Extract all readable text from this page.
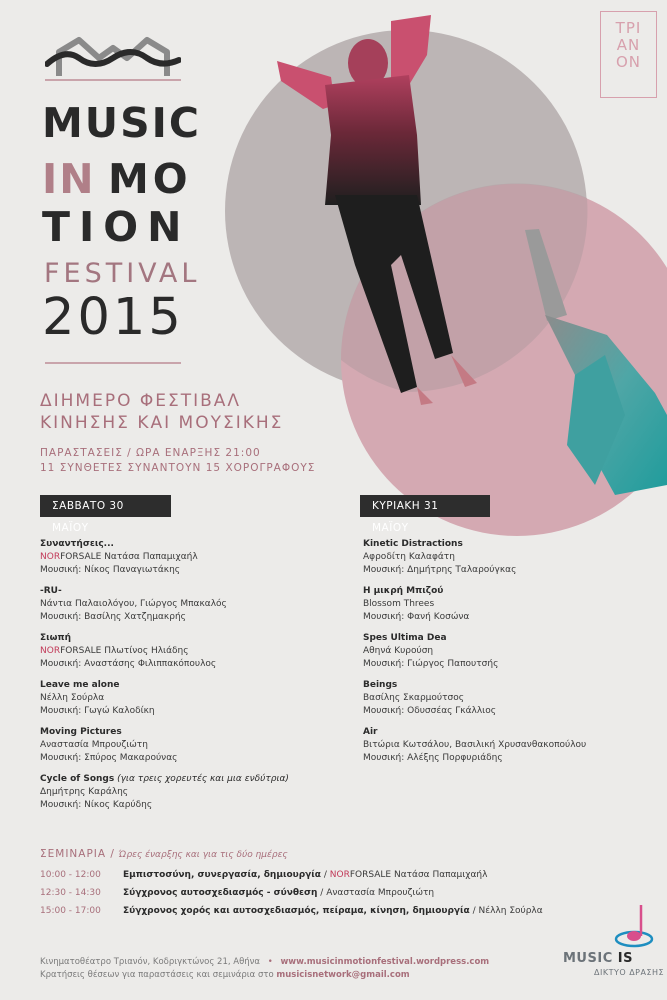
MUSIC
IN MO
TION
FESTIVAL
2015
ΤΡΙ
ΑΝ
ΟΝ
ΔΙΗΜΕΡΟ ΦΕΣΤΙΒΑΛ
ΚΙΝΗΣΗΣ ΚΑΙ ΜΟΥΣΙΚΗΣ
ΠΑΡΑΣΤΑΣΕΙΣ / ΩΡΑ ΕΝΑΡΞΗΣ 21:00
11 ΣΥΝΘΕΤΕΣ ΣΥΝΑΝΤΟΥΝ 15 ΧΟΡΟΓΡΑΦΟΥΣ
ΣΑΒΒΑΤΟ 30 ΜΑΪΟΥ
ΚΥΡΙΑΚΗ 31 ΜΑΪΟΥ
Συναντήσεις...
NORFORSALE Νατάσα Παπαμιχαήλ
Μουσική: Νίκος Παναγιωτάκης
-RU-
Νάντια Παλαιολόγου, Γιώργος Μπακαλός
Μουσική: Βασίλης Χατζημακρής
Σιωπή
NORFORSALE Πλωτίνος Ηλιάδης
Μουσική: Αναστάσης Φιλιππακόπουλος
Leave me alone
Νέλλη Σούρλα
Μουσική: Γωγώ Καλοδίκη
Moving Pictures
Αναστασία Μπρουζιώτη
Μουσική: Σπύρος Μακαρούνας
Cycle of Songs (για τρεις χορευτές και μια ενδύτρια)
Δημήτρης Καράλης
Μουσική: Νίκος Καρύδης
Kinetic Distractions
Αφροδίτη Καλαφάτη
Μουσική: Δημήτρης Ταλαρούγκας
Η μικρή Μπιζού
Blossom Threes
Μουσική: Φανή Κοσώνα
Spes Ultima Dea
Αθηνά Κυρούση
Μουσική: Γιώργος Παπουτσής
Beings
Βασίλης Σκαρμούτσος
Μουσική: Οδυσσέας Γκάλλιος
Air
Βιτώρια Κωτσάλου, Βασιλική Χρυσανθακοπούλου
Μουσική: Αλέξης Πορφυριάδης
ΣΕΜΙΝΑΡΙΑ / Ώρες έναρξης και για τις δύο ημέρες
10:00 - 12:00 Εμπιστοσύνη, συνεργασία, δημιουργία / NORFORSALE Νατάσα Παπαμιχαήλ
12:30 - 14:30 Σύγχρονος αυτοσχεδιασμός - σύνθεση / Αναστασία Μπρουζιώτη
15:00 - 17:00 Σύγχρονος χορός και αυτοσχεδιασμός, πείραμα, κίνηση, δημιουργία / Νέλλη Σούρλα
Κινηματοθέατρο Τριανόν, Κοδριγκτώνος 21, Αθήνα • www.musicinmotionfestival.wordpress.com
Κρατήσεις θέσεων για παραστάσεις και σεμινάρια στο musicisnetwork@gmail.com
MUSIC IS
ΔΙΚΤΥΟ ΔΡΑΣΗΣ
